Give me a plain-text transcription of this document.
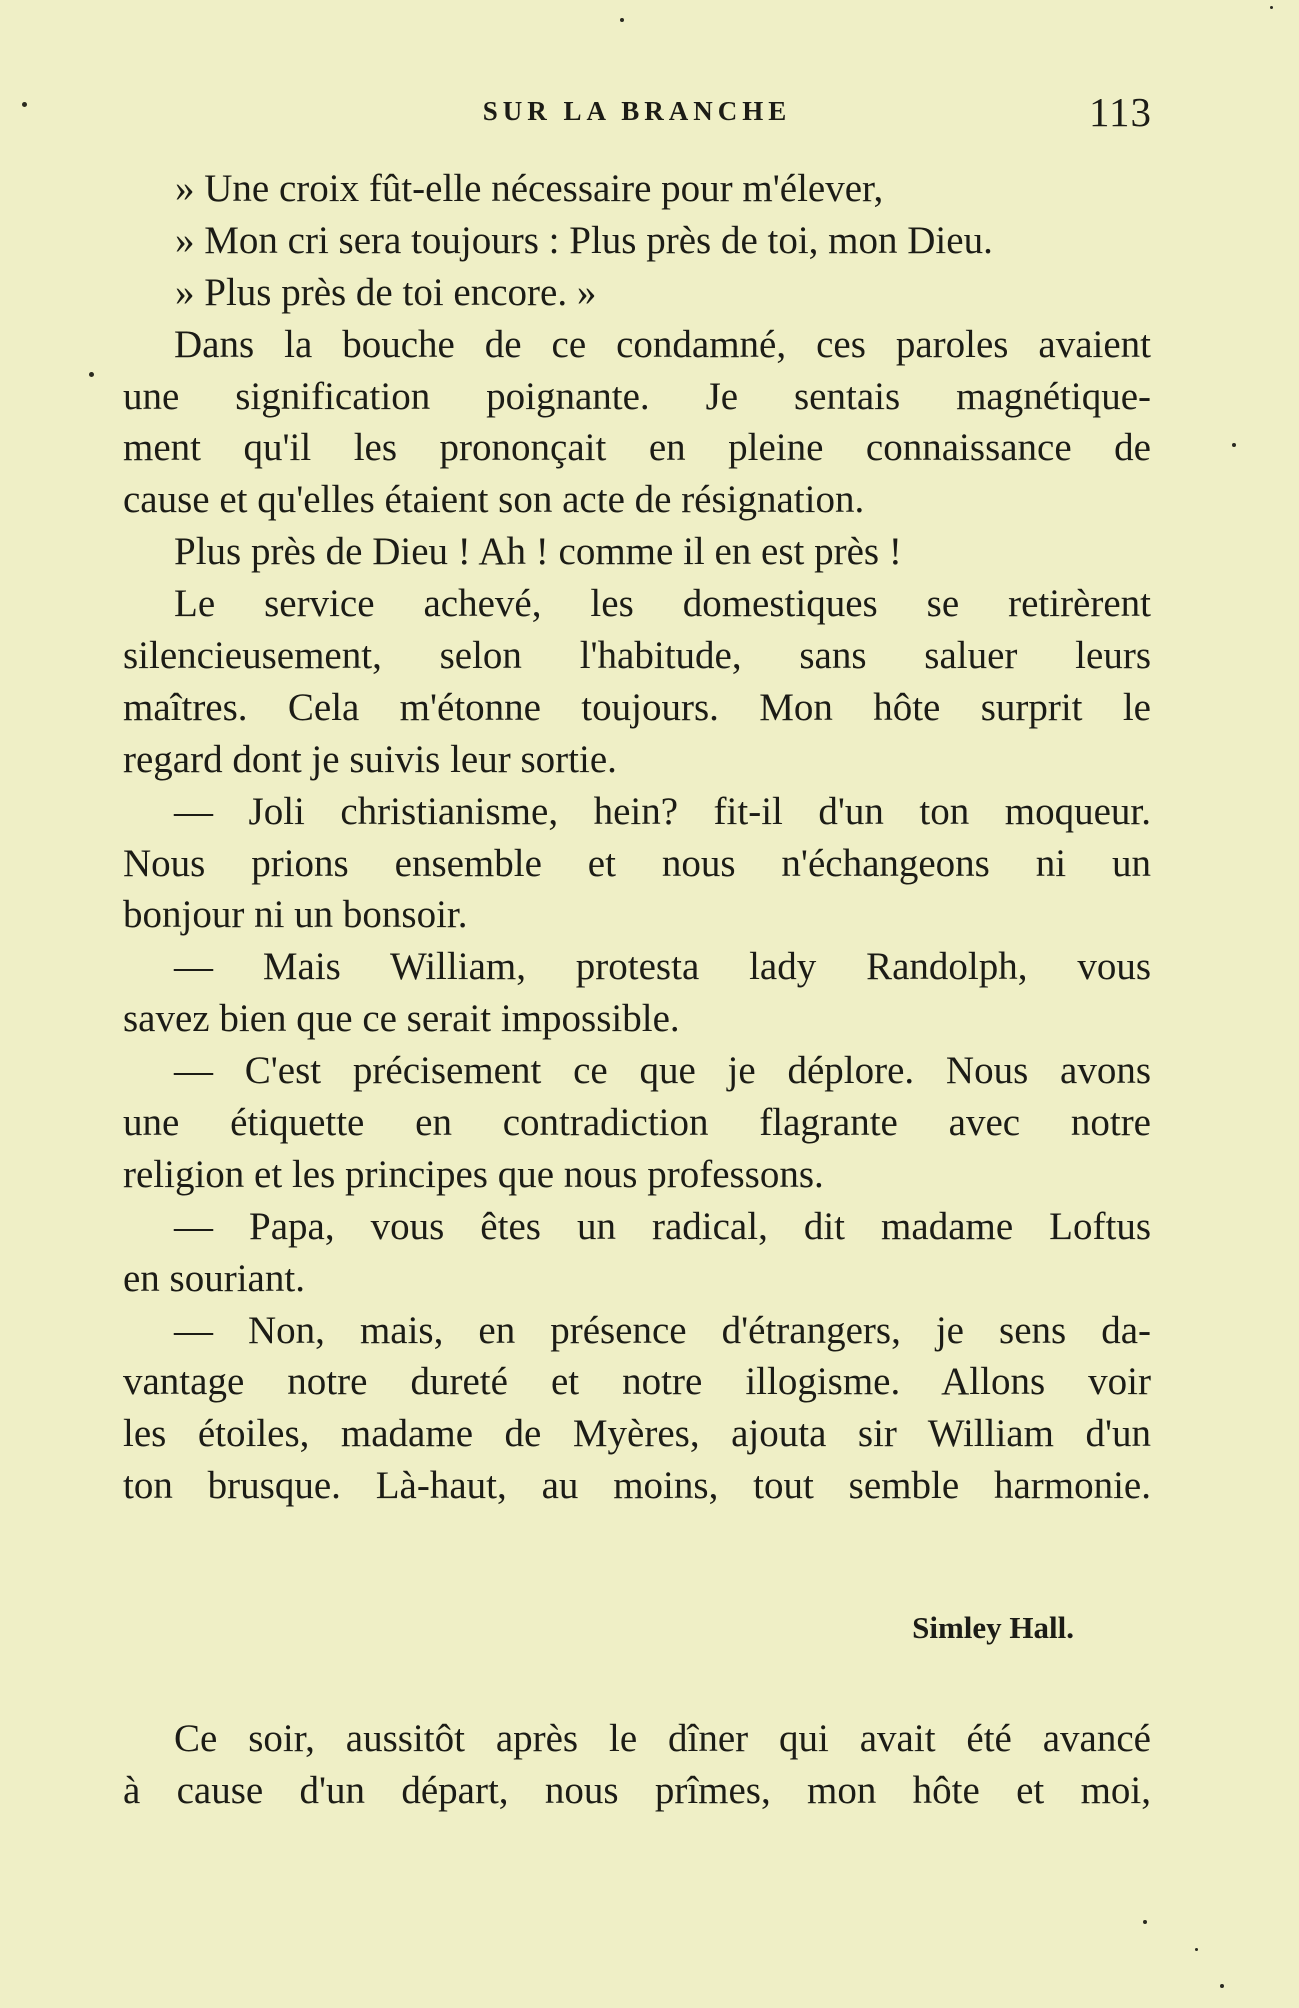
SUR LA BRANCHE	113
» Une croix fût-elle nécessaire pour m'élever,
» Mon cri sera toujours : Plus près de toi, mon Dieu.
» Plus près de toi encore. »
Dans la bouche de ce condamné, ces paroles avaient
une signification poignante. Je sentais magnétique-
ment qu'il les prononçait en pleine connaissance de
cause et qu'elles étaient son acte de résignation.
Plus près de Dieu ! Ah ! comme il en est près !
Le service achevé, les domestiques se retirèrent
silencieusement, selon l'habitude, sans saluer leurs
maîtres. Cela m'étonne toujours. Mon hôte surprit le
regard dont je suivis leur sortie.
— Joli christianisme, hein? fit-il d'un ton moqueur.
Nous prions ensemble et nous n'échangeons ni un
bonjour ni un bonsoir.
— Mais William, protesta lady Randolph, vous
savez bien que ce serait impossible.
— C'est précisement ce que je déplore. Nous avons
une étiquette en contradiction flagrante avec notre
religion et les principes que nous professons.
— Papa, vous êtes un radical, dit madame Loftus
en souriant.
— Non, mais, en présence d'étrangers, je sens da-
vantage notre dureté et notre illogisme. Allons voir
les étoiles, madame de Myères, ajouta sir William d'un
ton brusque. Là-haut, au moins, tout semble harmonie.
Simley Hall.
Ce soir, aussitôt après le dîner qui avait été avancé
à cause d'un départ, nous prîmes, mon hôte et moi,
